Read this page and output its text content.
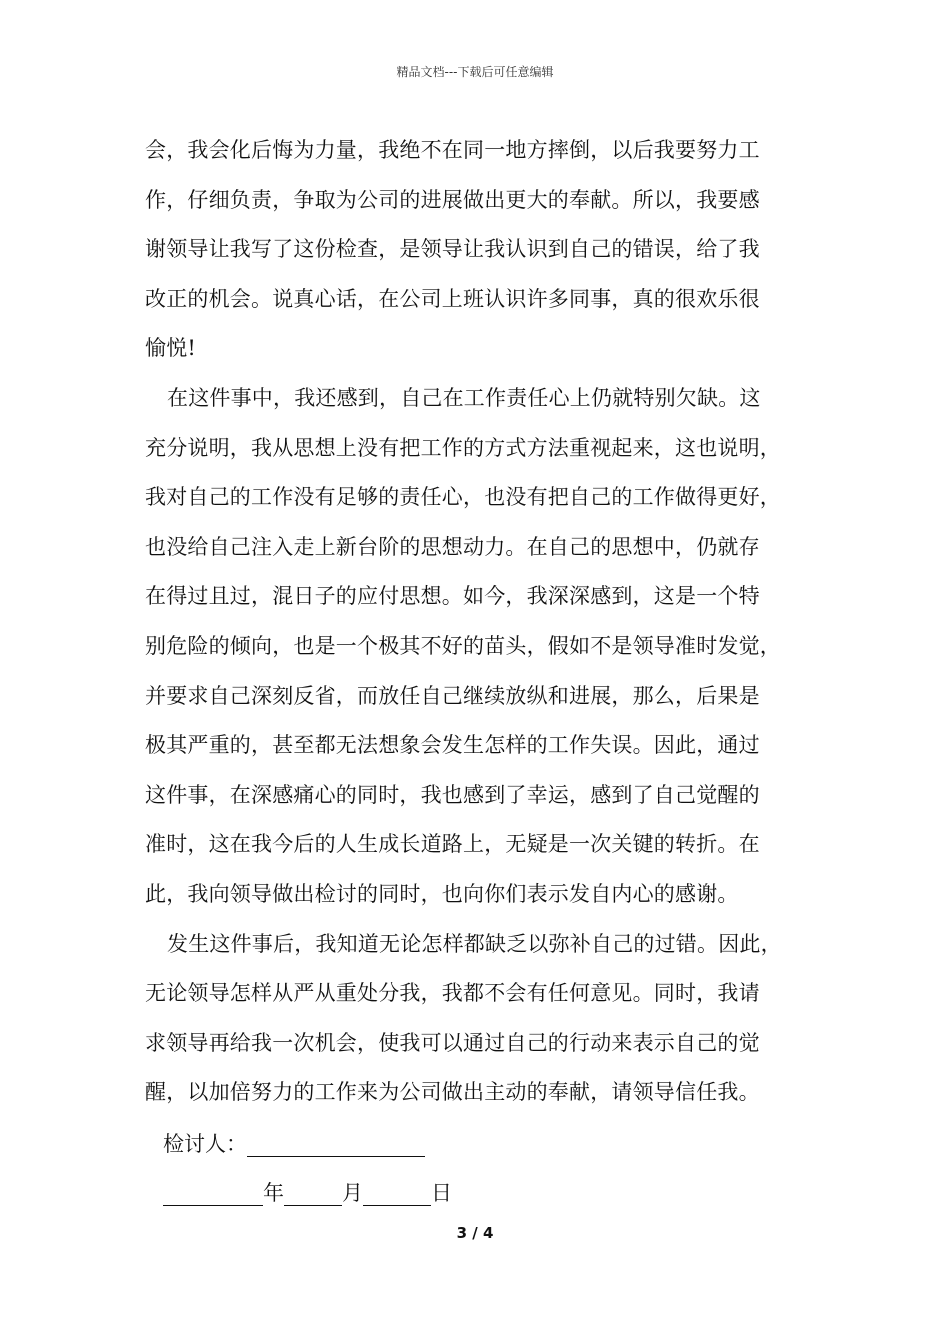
精品文档---下载后可任意编辑
会，我会化后悔为力量，我绝不在同一地方摔倒，以后我要努力工
作，仔细负责，争取为公司的进展做出更大的奉献。所以，我要感
谢领导让我写了这份检查，是领导让我认识到自己的错误，给了我
改正的机会。说真心话，在公司上班认识许多同事，真的很欢乐很
愉悦!
在这件事中，我还感到，自己在工作责任心上仍就特别欠缺。这
充分说明，我从思想上没有把工作的方式方法重视起来，这也说明，
我对自己的工作没有足够的责任心，也没有把自己的工作做得更好，
也没给自己注入走上新台阶的思想动力。在自己的思想中，仍就存
在得过且过，混日子的应付思想。如今，我深深感到，这是一个特
别危险的倾向，也是一个极其不好的苗头，假如不是领导准时发觉，
并要求自己深刻反省，而放任自己继续放纵和进展，那么，后果是
极其严重的，甚至都无法想象会发生怎样的工作失误。因此，通过
这件事，在深感痛心的同时，我也感到了幸运，感到了自己觉醒的
准时，这在我今后的人生成长道路上，无疑是一次关键的转折。在
此，我向领导做出检讨的同时，也向你们表示发自内心的感谢。
发生这件事后，我知道无论怎样都缺乏以弥补自己的过错。因此，
无论领导怎样从严从重处分我，我都不会有任何意见。同时，我请
求领导再给我一次机会，使我可以通过自己的行动来表示自己的觉
醒，以加倍努力的工作来为公司做出主动的奉献，请领导信任我。
检讨人：
年	月	日
3 / 4
